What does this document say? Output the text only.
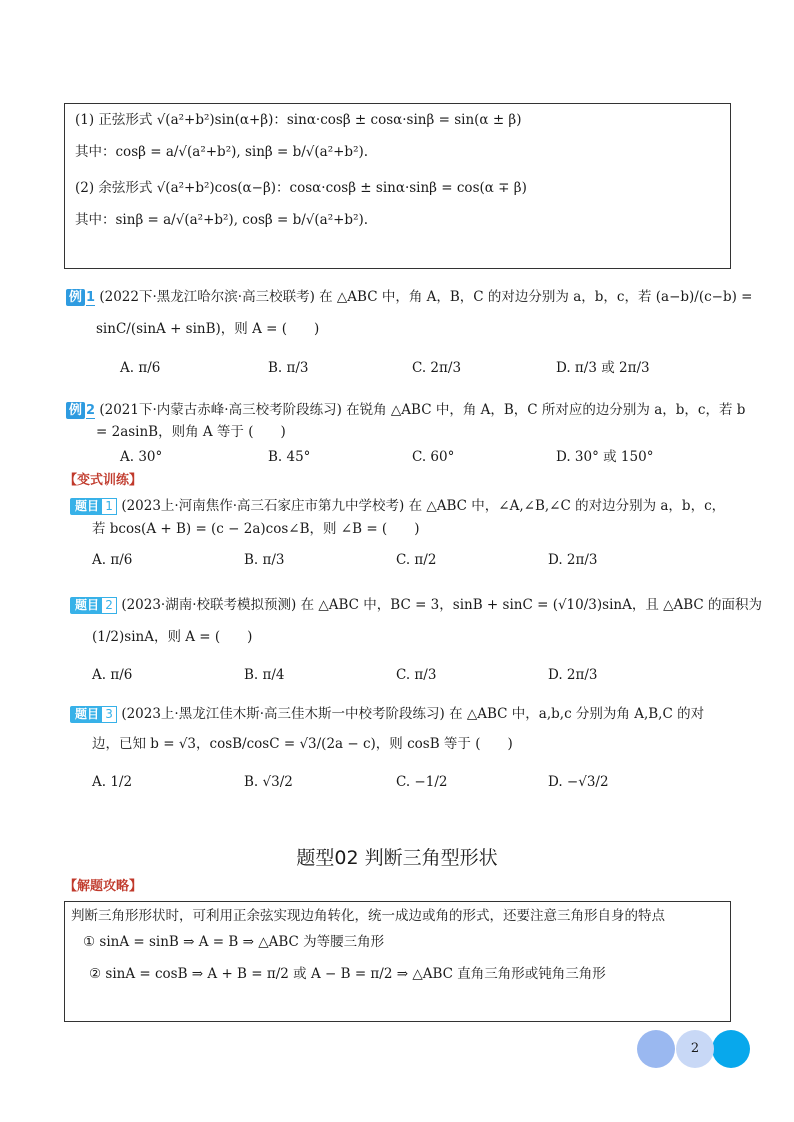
(1) 正弦形式 √(a²+b²)sin(α+β)：sinα·cosβ ± cosα·sinβ = sin(α ± β)
其中：cosβ = a/√(a²+b²), sinβ = b/√(a²+b²).
(2) 余弦形式 √(a²+b²)cos(α−β)：cosα·cosβ ± sinα·sinβ = cos(α ∓ β)
其中：sinβ = a/√(a²+b²), cosβ = b/√(a²+b²).
例 1 (2022下·黑龙江哈尔滨·高三校联考) 在 △ABC 中，角 A，B，C 的对边分别为 a，b，c，若 (a−b)/(c−b) =
sinC/(sinA + sinB)，则 A = (　　)
A. π/6	B. π/3	C. 2π/3	D. π/3 或 2π/3
例 2 (2021下·内蒙古赤峰·高三校考阶段练习) 在锐角 △ABC 中，角 A，B，C 所对应的边分别为 a，b，c，若 b
= 2asinB，则角 A 等于 (　　)
A. 30°	B. 45°	C. 60°	D. 30° 或 150°
【变式训练】
题目 1 (2023上·河南焦作·高三石家庄市第九中学校考) 在 △ABC 中，∠A,∠B,∠C 的对边分别为 a，b，c，
若 bcos(A + B) = (c − 2a)cos∠B，则 ∠B = (　　)
A. π/6	B. π/3	C. π/2	D. 2π/3
题目 2 (2023·湖南·校联考模拟预测) 在 △ABC 中，BC = 3，sinB + sinC = (√10/3)sinA，且 △ABC 的面积为
(1/2)sinA，则 A = (　　)
A. π/6	B. π/4	C. π/3	D. 2π/3
题目 3 (2023上·黑龙江佳木斯·高三佳木斯一中校考阶段练习) 在 △ABC 中，a,b,c 分别为角 A,B,C 的对
边，已知 b = √3，cosB/cosC = √3/(2a − c)，则 cosB 等于 (　　)
A. 1/2	B. √3/2	C. −1/2	D. −√3/2
题型02 判断三角型形状
【解题攻略】
判断三角形形状时，可利用正余弦实现边角转化，统一成边或角的形式，还要注意三角形自身的特点
① sinA = sinB ⇒ A = B ⇒ △ABC 为等腰三角形
② sinA = cosB ⇒ A + B = π/2 或 A − B = π/2 ⇒ △ABC 直角三角形或钝角三角形
2
